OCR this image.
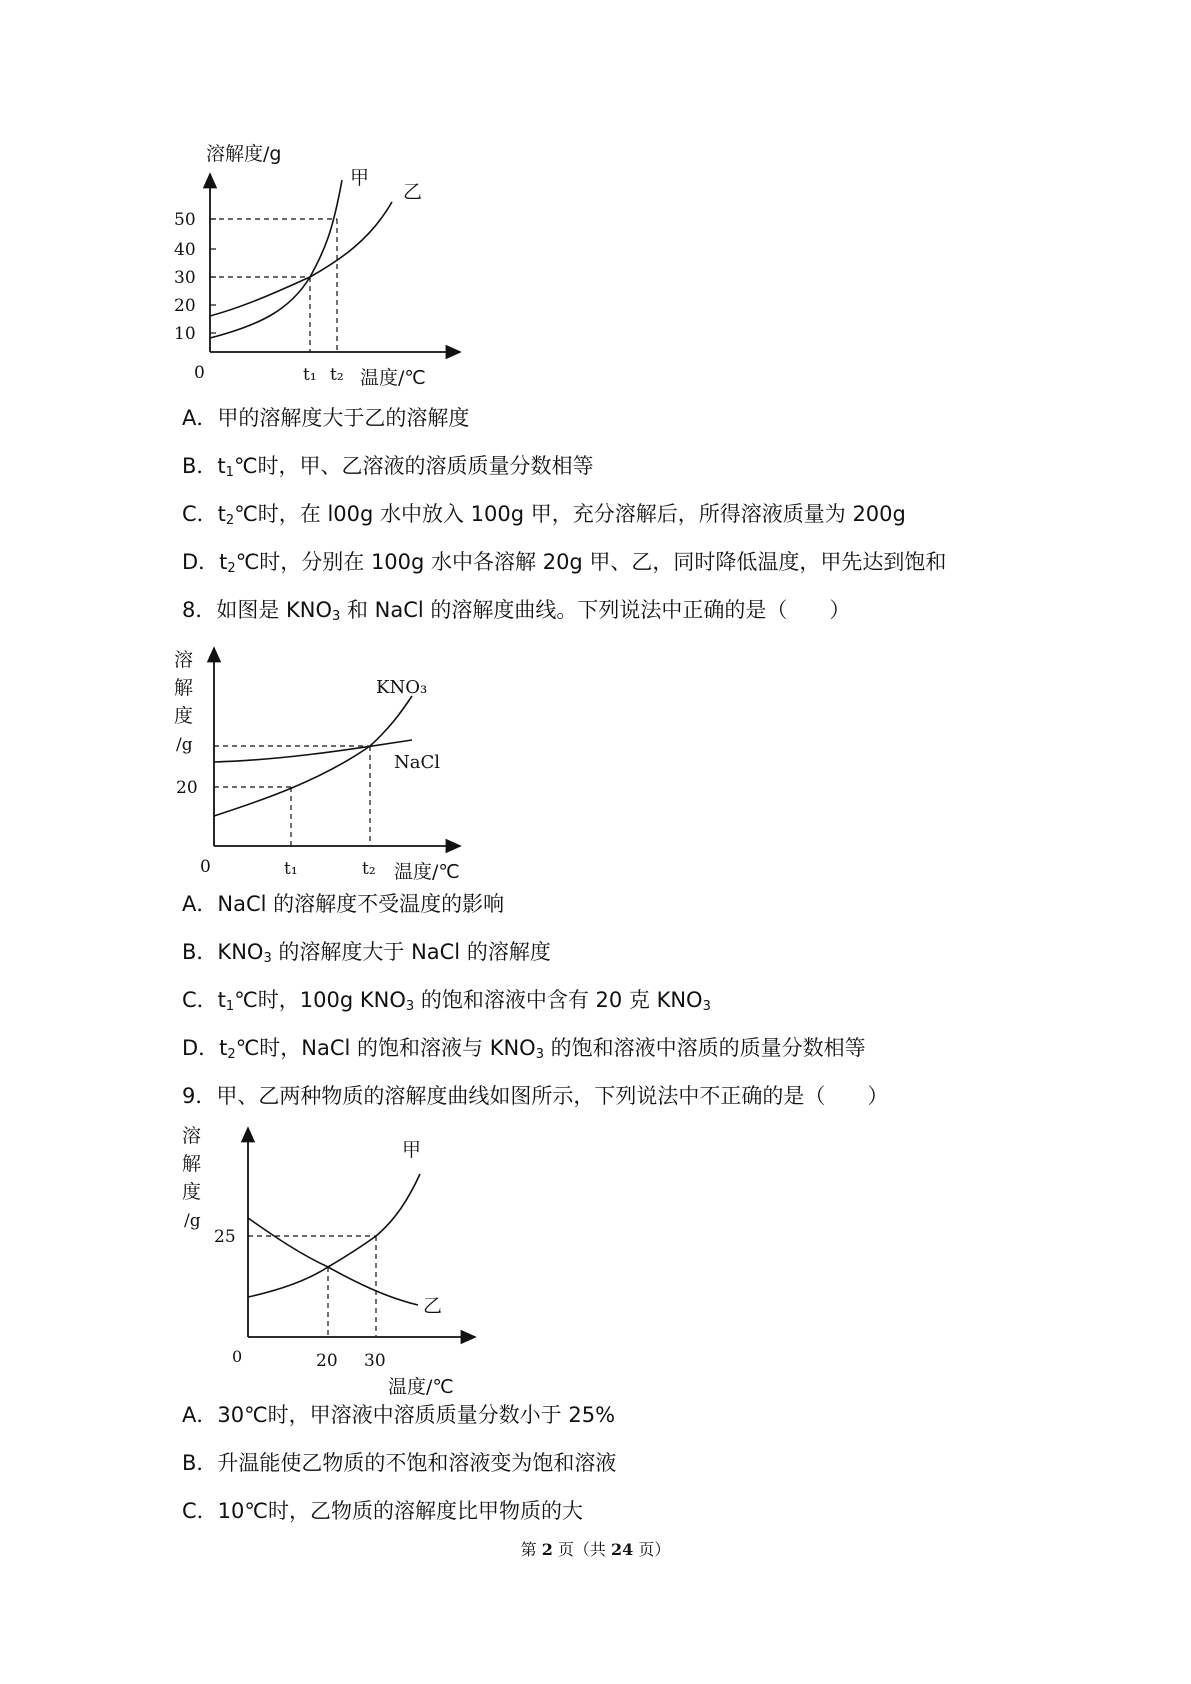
溶解度/g
50
40
30
20
10
0	t₁ t₂ 温度/℃
甲
乙
A．甲的溶解度大于乙的溶解度
B．$t_1℃$时，甲、乙溶液的溶质质量分数相等
C．$t_2℃$时，在 l00g 水中放入 100g 甲，充分溶解后，所得溶液质量为 200g
D．$t_2℃$时，分别在 100g 水中各溶解 20g 甲、乙，同时降低温度，甲先达到饱和
8．如图是 $KNO_3$ 和 NaCl 的溶解度曲线。下列说法中正确的是（　　）
溶
解
度
/g
20
0	t₁	t₂ 温度/℃
KNO₃
NaCl
A．NaCl 的溶解度不受温度的影响
B．$KNO_3$ 的溶解度大于 NaCl 的溶解度
C．$t_1℃$时，100g $KNO_3$ 的饱和溶液中含有 20 克 $KNO_3$
D．$t_2℃$时，NaCl 的饱和溶液与 $KNO_3$ 的饱和溶液中溶质的质量分数相等
9．甲、乙两种物质的溶解度曲线如图所示，下列说法中不正确的是（　　）
溶
解
度
/g
25
0	20 30
温度/℃
甲
乙
A．30℃时，甲溶液中溶质质量分数小于 25%
B．升温能使乙物质的不饱和溶液变为饱和溶液
C．10℃时，乙物质的溶解度比甲物质的大
第 2 页（共 24 页）
